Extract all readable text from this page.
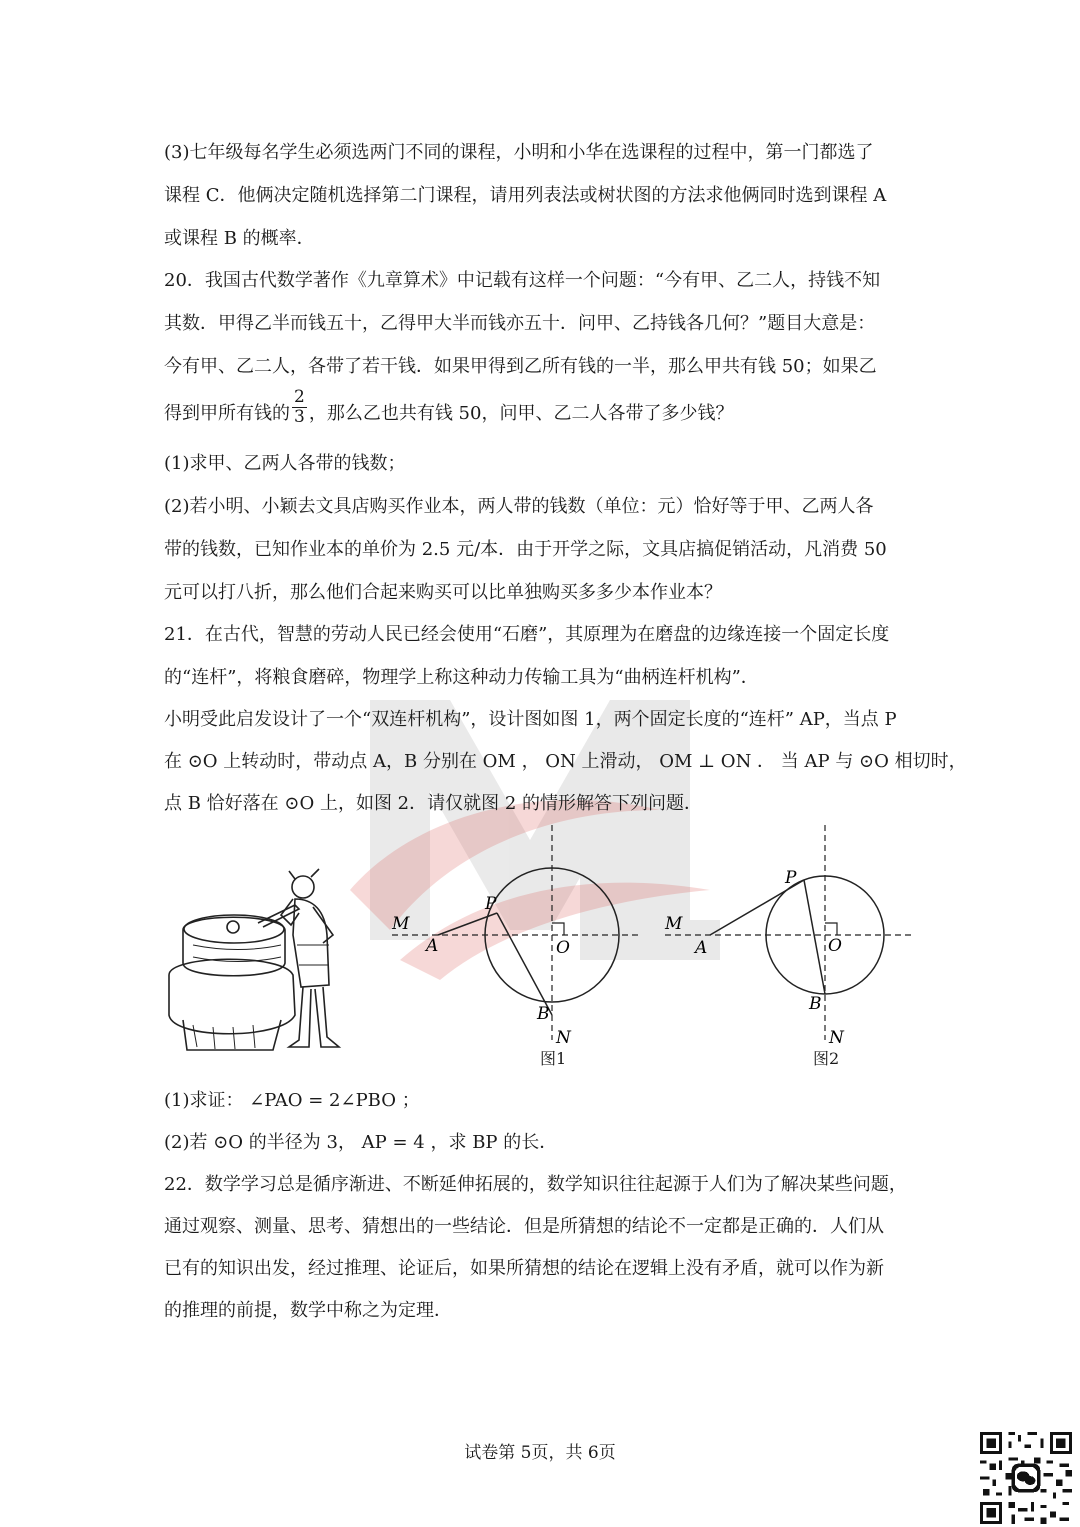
(3)七年级每名学生必须选两门不同的课程，小明和小华在选课程的过程中，第一门都选了
课程 C．他俩决定随机选择第二门课程，请用列表法或树状图的方法求他俩同时选到课程 A
或课程 B 的概率．
20．我国古代数学著作《九章算术》中记载有这样一个问题：“今有甲、乙二人，持钱不知
其数．甲得乙半而钱五十，乙得甲大半而钱亦五十．问甲、乙持钱各几何？”题目大意是：
今有甲、乙二人，各带了若干钱．如果甲得到乙所有钱的一半，那么甲共有钱 50；如果乙
得到甲所有钱的 $\frac{2}{3}$ ，那么乙也共有钱 50，问甲、乙二人各带了多少钱？
(1)求甲、乙两人各带的钱数；
(2)若小明、小颖去文具店购买作业本，两人带的钱数（单位：元）恰好等于甲、乙两人各
带的钱数，已知作业本的单价为 2.5 元/本．由于开学之际，文具店搞促销活动，凡消费 50
元可以打八折，那么他们合起来购买可以比单独购买多多少本作业本？
21．在古代，智慧的劳动人民已经会使用“石磨”，其原理为在磨盘的边缘连接一个固定长度
的“连杆”，将粮食磨碎，物理学上称这种动力传输工具为“曲柄连杆机构”．
小明受此启发设计了一个“双连杆机构”，设计图如图 1，两个固定长度的“连杆” AP，当点 P
在 ⊙O 上转动时，带动点 A，B 分别在 OM ， ON 上滑动， OM ⊥ ON ． 当 AP 与 ⊙O 相切时，
点 B 恰好落在 ⊙O 上，如图 2．请仅就图 2 的情形解答下列问题．
M
A
P
O
B
N
图1
M
A
P
O
B
N
图2
(1)求证： ∠PAO = 2∠PBO ；
(2)若 ⊙O 的半径为 3， AP = 4 ，求 BP 的长．
22．数学学习总是循序渐进、不断延伸拓展的，数学知识往往起源于人们为了解决某些问题，
通过观察、测量、思考、猜想出的一些结论．但是所猜想的结论不一定都是正确的．人们从
已有的知识出发，经过推理、论证后，如果所猜想的结论在逻辑上没有矛盾，就可以作为新
的推理的前提，数学中称之为定理．
试卷第 5页，共 6页
